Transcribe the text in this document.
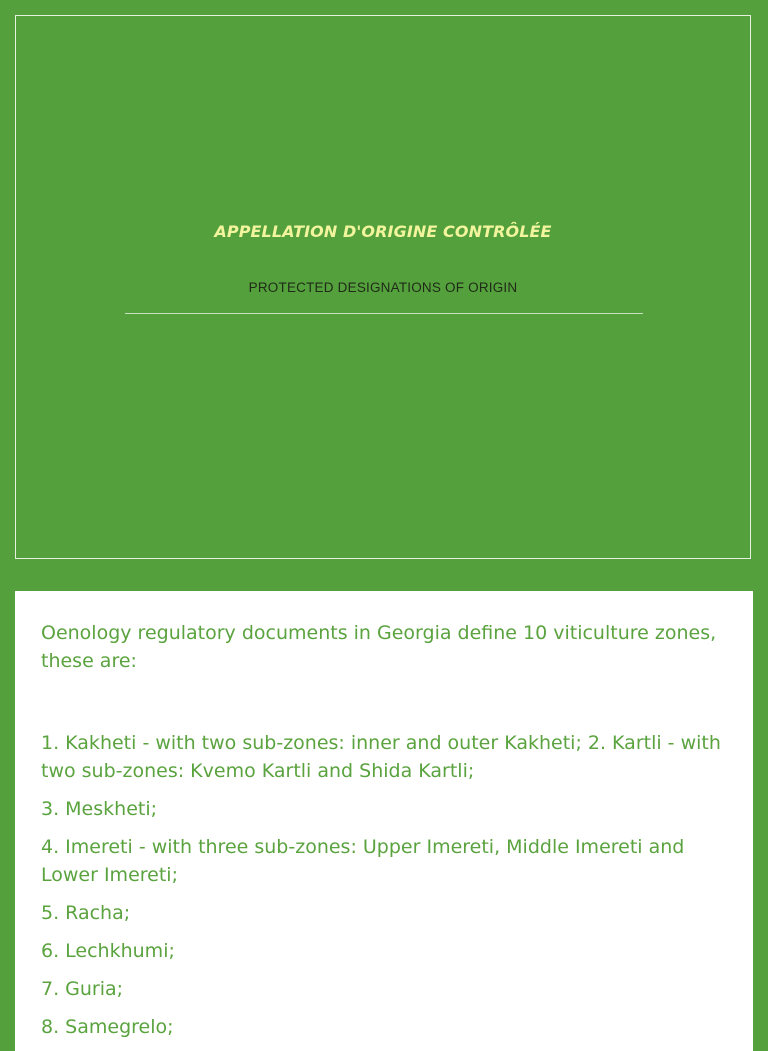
APPELLATION D'ORIGINE CONTRÔLÉE
PROTECTED DESIGNATIONS OF ORIGIN

Oenology regulatory documents in Georgia define 10 viticulture zones, these are:

1. Kakheti - with two sub-zones: inner and outer Kakheti; 2. Kartli - with two sub-zones: Kvemo Kartli and Shida Kartli;
3. Meskheti;
4. Imereti - with three sub-zones: Upper Imereti, Middle Imereti and Lower Imereti;
5. Racha;
6. Lechkhumi;
7. Guria;
8. Samegrelo;
